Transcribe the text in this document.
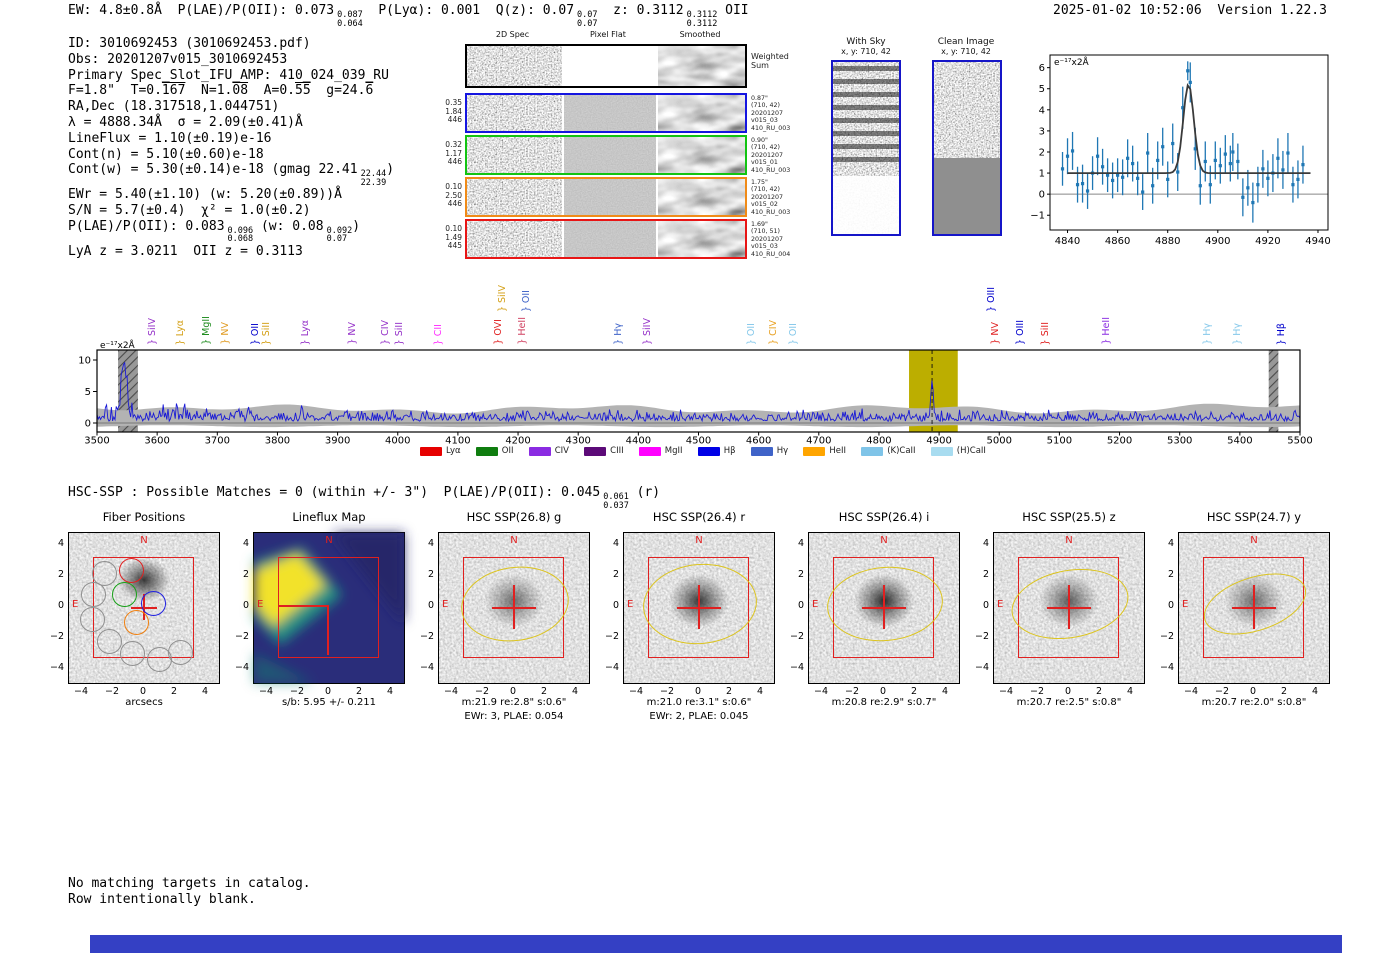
EW: 4.8±0.8Å  P(LAE)/P(OII): 0.073 0.087
0.064
P(Lyα): 0.001  Q(z): 0.07 0.07
0.07
z: 0.3112 0.3112
0.3112
OII	2025-01-02 10:52:06  Version 1.22.3
ID: 3010692453 (3010692453.pdf)
Obs: 20201207v015_3010692453
Primary Spec_Slot_IFU_AMP: 410_024_039_RU
F=1.8"  T=0.167  N=1.08  A=0.55  g=24.6
RA,Dec (18.317518,1.044751)
λ = 4888.34Å  σ = 2.09(±0.41)Å
LineFlux = 1.10(±0.19)e-16
Cont(n) = 5.10(±0.60)e-18
Cont(w) = 5.30(±0.14)e-18 (gmag 22.41 22.44
22.39
)
EWr = 5.40(±1.10) (w: 5.20(±0.89))Å
S/N = 5.7(±0.4)  χ² = 1.0(±0.2)
P(LAE)/P(OII): 0.083 0.096
0.068
(w: 0.08 0.092
0.07
)
LyA z = 3.0211  OII z = 0.3113
2D Spec	Pixel Flat	Smoothed
0.35
1.84
446
0.32
1.17
446
0.10
2.50
446
0.10
1.49
445
Weighted
Sum
0.87"
(710, 42)
20201207
v015_03
410_RU_003
0.90"
(710, 42)
20201207
v015_01
410_RU_003
1.75"
(710, 42)
20201207
v015_02
410_RU_003
1.69"
(710, 51)
20201207
v015_03
410_RU_004
With Sky
x, y: 710, 42
Clean Image
x, y: 710, 42
−1
0
1
2
3
4
5
6
4840 4860 4880 4900 4920 4940
e⁻¹⁷x2Å
0
5
10
3500	3600	3700	3800	3900	4000	4100	4200	4300	4400	4500	4600	4700	4800	4900	5000	5100	5200	5300	5400	5500
e⁻¹⁷x2Å
} SiIV } Lyα } MgII } NV } OII } SiII	} Lyα	} NV } CIV } SiII	} CII	} OVI
} SiIV
} HeII
} OII
} Hγ } SiIV	} OII } CIV } OII
} OIII
} NV } OIII } SiII	} HeII	} Hγ } Hγ	} Hβ
Lyα	OII	CIV	CIII	MgII	Hβ	Hγ	HeII	(K)CaII	(H)CaII
HSC-SSP : Possible Matches = 0 (within +/- 3")  P(LAE)/P(OII): 0.045 0.061
0.037
(r)
Fiber Positions
N
E
4
2
0
−2
−4
−4	−2	0	2	4
arcsecs
Lineflux Map
N
E
4
2
0
−2
−4
−4	−2	0	2	4
s/b: 5.95 +/- 0.211
HSC SSP(26.8) g
N
E
4
2
0
−2
−4
−4	−2	0	2	4
m:21.9 re:2.8" s:0.6"
EWr: 3, PLAE: 0.054
HSC SSP(26.4) r
N
E
4
2
0
−2
−4
−4	−2	0	2	4
m:21.0 re:3.1" s:0.6"
EWr: 2, PLAE: 0.045
HSC SSP(26.4) i
N
E
4
2
0
−2
−4
−4	−2	0	2	4
m:20.8 re:2.9" s:0.7"
HSC SSP(25.5) z
N
E
4
2
0
−2
−4
−4	−2	0	2	4
m:20.7 re:2.5" s:0.8"
HSC SSP(24.7) y
N
E
4
2
0
−2
−4
−4	−2	0	2	4
m:20.7 re:2.0" s:0.8"
No matching targets in catalog.
Row intentionally blank.
